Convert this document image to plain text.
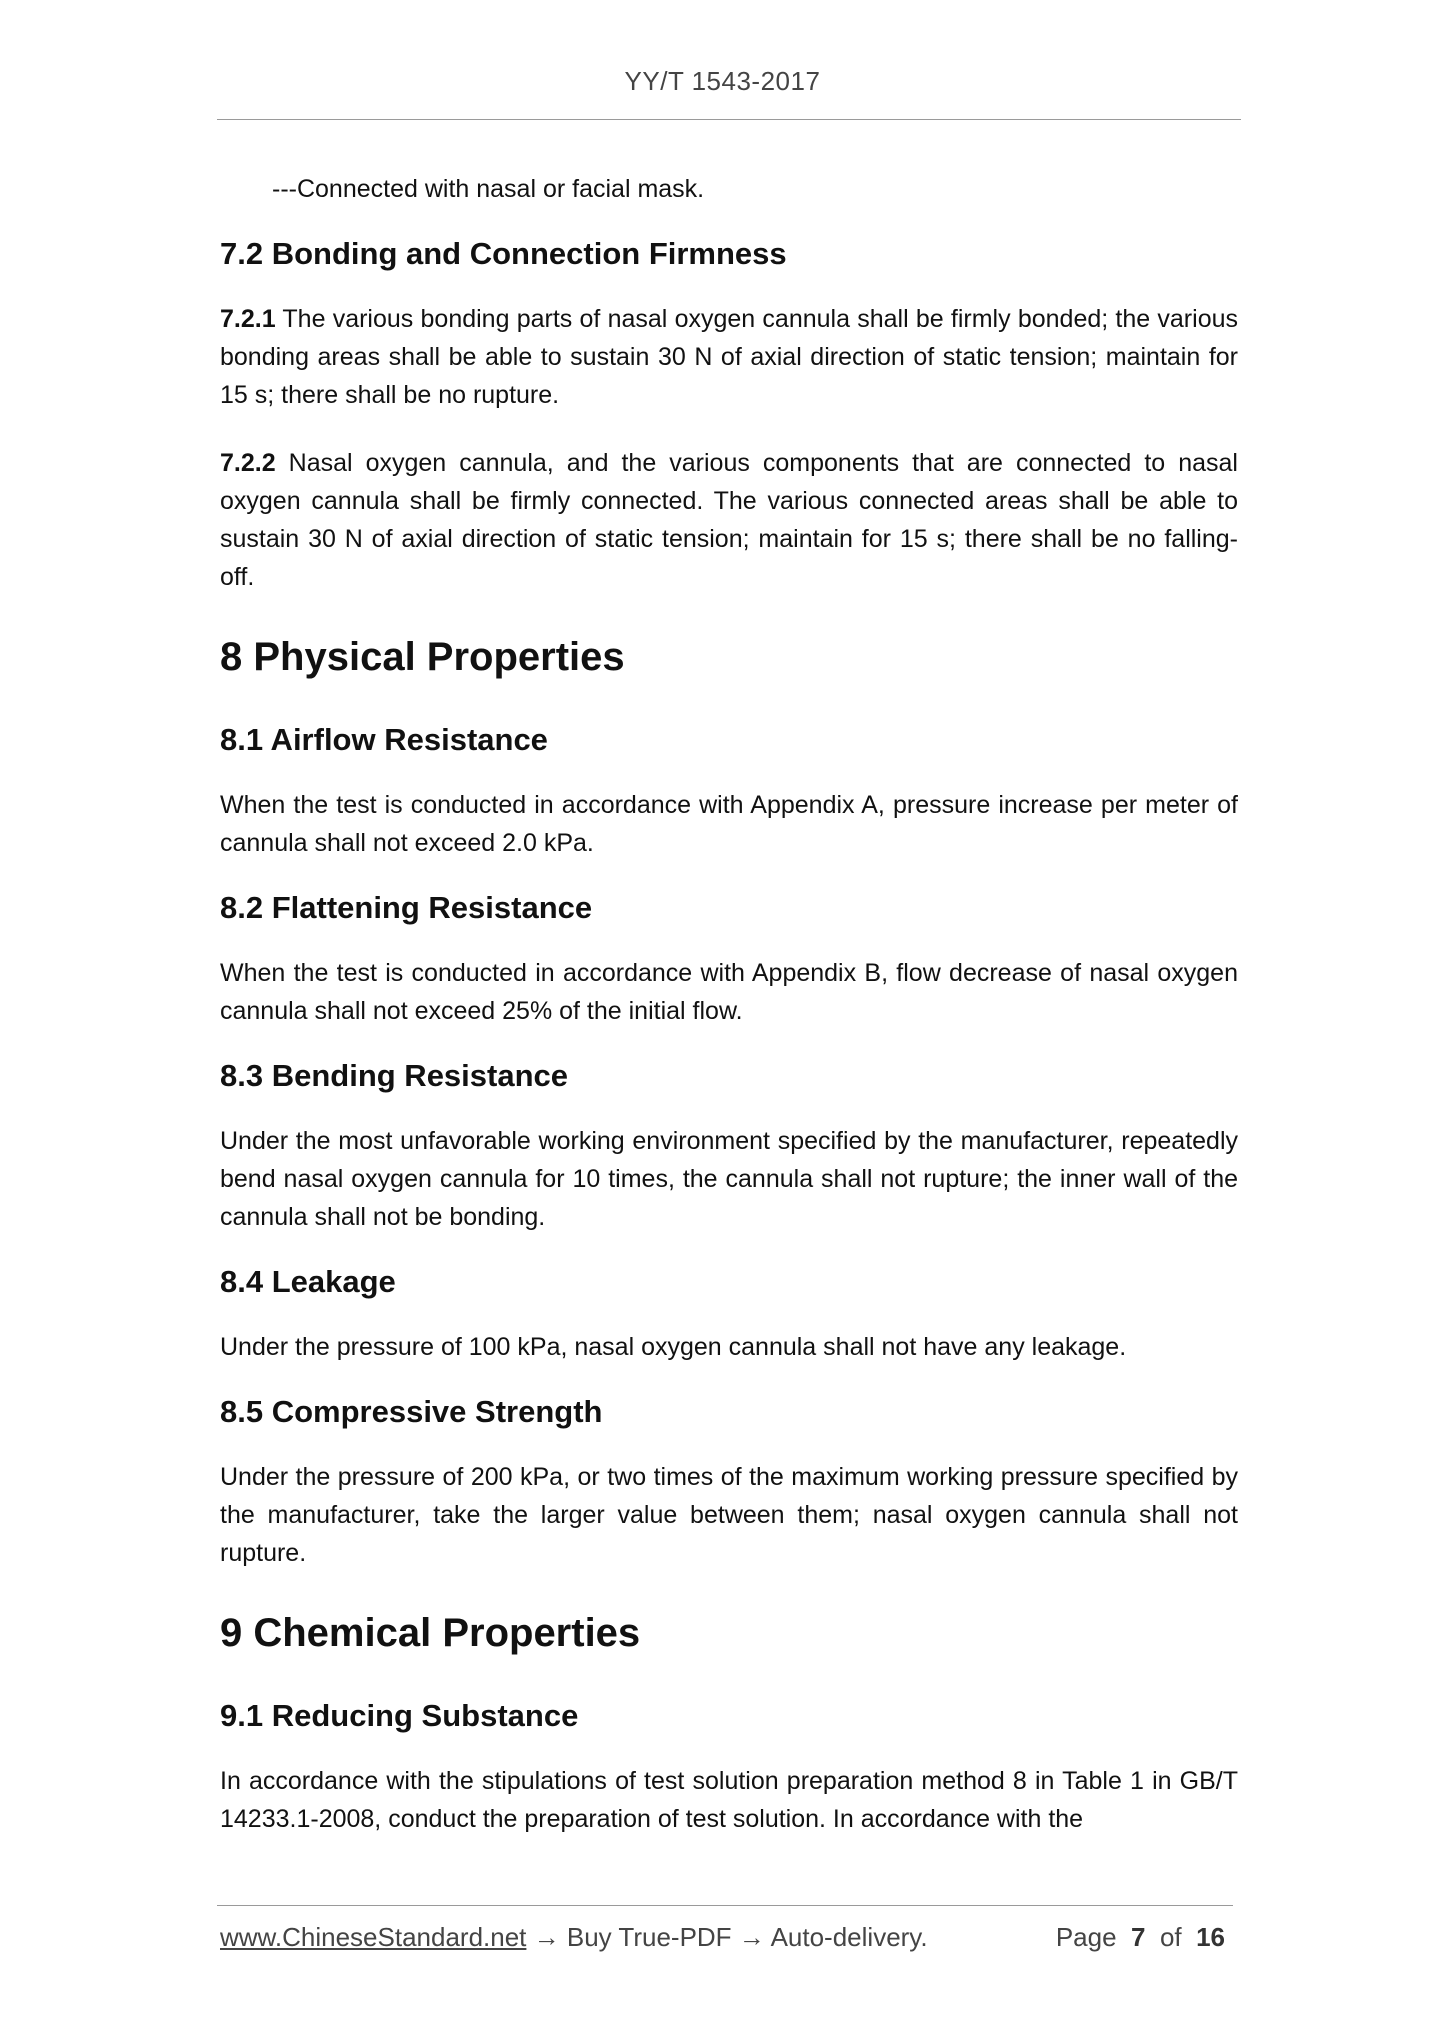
YY/T 1543-2017

---Connected with nasal or facial mask.

7.2 Bonding and Connection Firmness

7.2.1 The various bonding parts of nasal oxygen cannula shall be firmly bonded; the various bonding areas shall be able to sustain 30 N of axial direction of static tension; maintain for 15 s; there shall be no rupture.

7.2.2 Nasal oxygen cannula, and the various components that are connected to nasal oxygen cannula shall be firmly connected. The various connected areas shall be able to sustain 30 N of axial direction of static tension; maintain for 15 s; there shall be no falling-off.

8 Physical Properties
8.1 Airflow Resistance

When the test is conducted in accordance with Appendix A, pressure increase per meter of cannula shall not exceed 2.0 kPa.

8.2 Flattening Resistance

When the test is conducted in accordance with Appendix B, flow decrease of nasal oxygen cannula shall not exceed 25% of the initial flow.

8.3 Bending Resistance

Under the most unfavorable working environment specified by the manufacturer, repeatedly bend nasal oxygen cannula for 10 times, the cannula shall not rupture; the inner wall of the cannula shall not be bonding.

8.4 Leakage

Under the pressure of 100 kPa, nasal oxygen cannula shall not have any leakage.

8.5 Compressive Strength

Under the pressure of 200 kPa, or two times of the maximum working pressure specified by the manufacturer, take the larger value between them; nasal oxygen cannula shall not rupture.

9 Chemical Properties
9.1 Reducing Substance

In accordance with the stipulations of test solution preparation method 8 in Table 1 in GB/T 14233.1-2008, conduct the preparation of test solution. In accordance with the

www.ChineseStandard.net → Buy True-PDF → Auto-delivery.	Page 7 of 16
